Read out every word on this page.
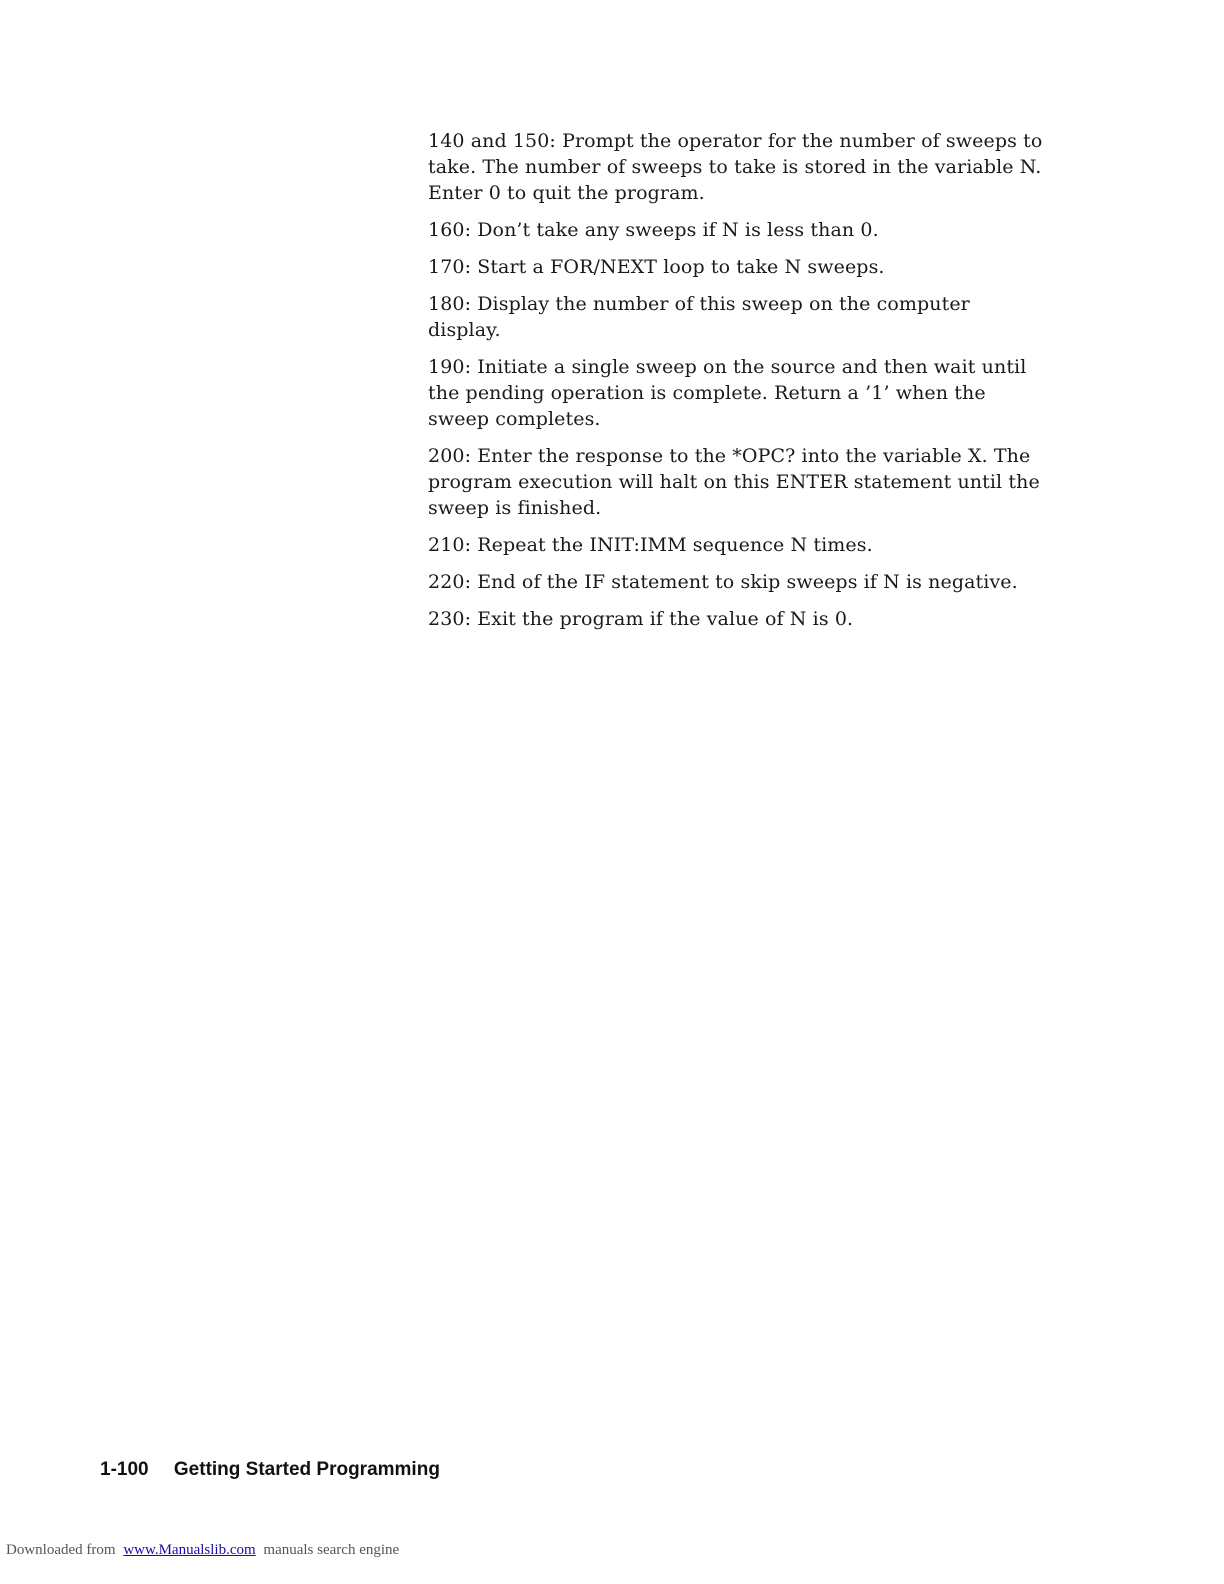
140 and 150: Prompt the operator for the number of sweeps to take. The number of sweeps to take is stored in the variable N. Enter 0 to quit the program.

160: Don’t take any sweeps if N is less than 0.

170: Start a FOR/NEXT loop to take N sweeps.

180: Display the number of this sweep on the computer display.

190: Initiate a single sweep on the source and then wait until the pending operation is complete. Return a ’1’ when the sweep completes.

200: Enter the response to the *OPC? into the variable X. The program execution will halt on this ENTER statement until the sweep is finished.

210: Repeat the INIT:IMM sequence N times.

220: End of the IF statement to skip sweeps if N is negative.

230: Exit the program if the value of N is 0.

1-100 Getting Started Programming
Downloaded from www.Manualslib.com manuals search engine
